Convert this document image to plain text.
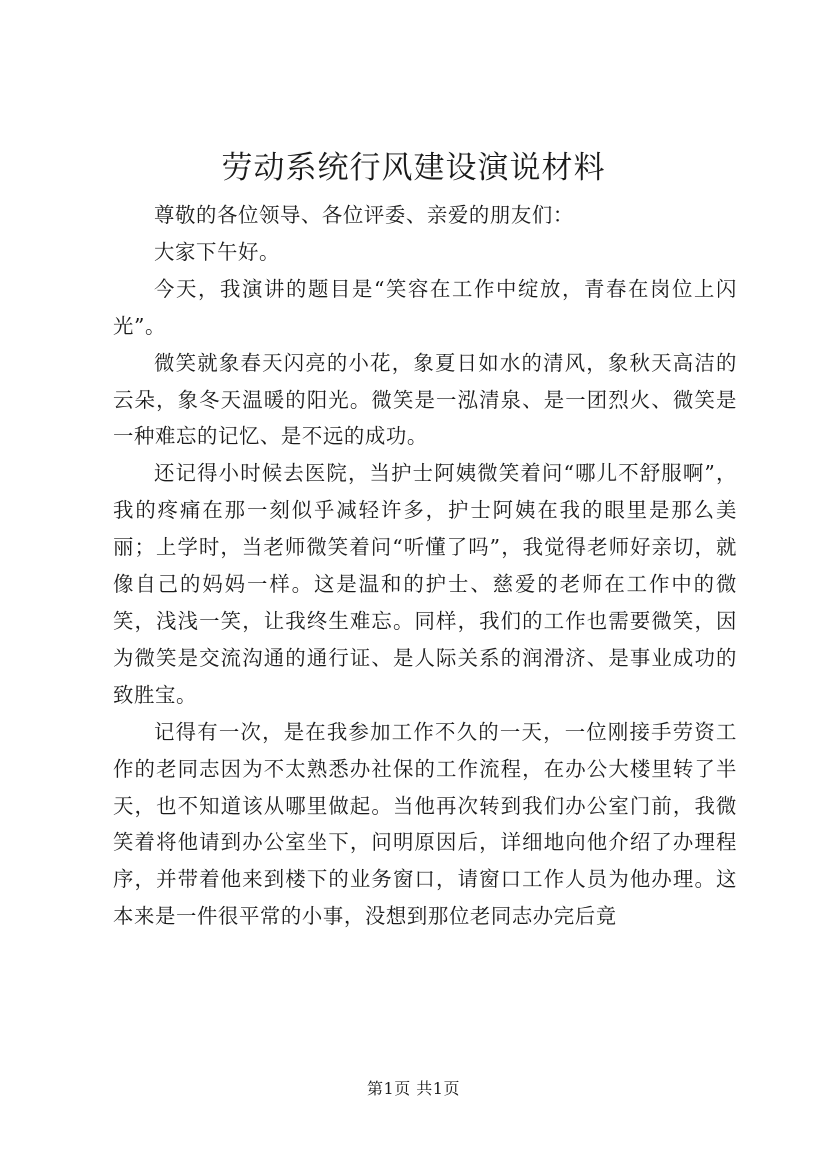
劳动系统行风建设演说材料

尊敬的各位领导、各位评委、亲爱的朋友们：

大家下午好。

今天，我演讲的题目是“笑容在工作中绽放，青春在岗位上闪光”。

微笑就象春天闪亮的小花，象夏日如水的清风，象秋天高洁的云朵，象冬天温暖的阳光。微笑是一泓清泉、是一团烈火、微笑是一种难忘的记忆、是不远的成功。

还记得小时候去医院，当护士阿姨微笑着问“哪儿不舒服啊”，我的疼痛在那一刻似乎减轻许多，护士阿姨在我的眼里是那么美丽；上学时，当老师微笑着问“听懂了吗”，我觉得老师好亲切，就像自己的妈妈一样。这是温和的护士、慈爱的老师在工作中的微笑，浅浅一笑，让我终生难忘。同样，我们的工作也需要微笑，因为微笑是交流沟通的通行证、是人际关系的润滑济、是事业成功的致胜宝。

记得有一次，是在我参加工作不久的一天，一位刚接手劳资工作的老同志因为不太熟悉办社保的工作流程，在办公大楼里转了半天，也不知道该从哪里做起。当他再次转到我们办公室门前，我微笑着将他请到办公室坐下，问明原因后，详细地向他介绍了办理程序，并带着他来到楼下的业务窗口，请窗口工作人员为他办理。这本来是一件很平常的小事，没想到那位老同志办完后竟

第1页 共1页
